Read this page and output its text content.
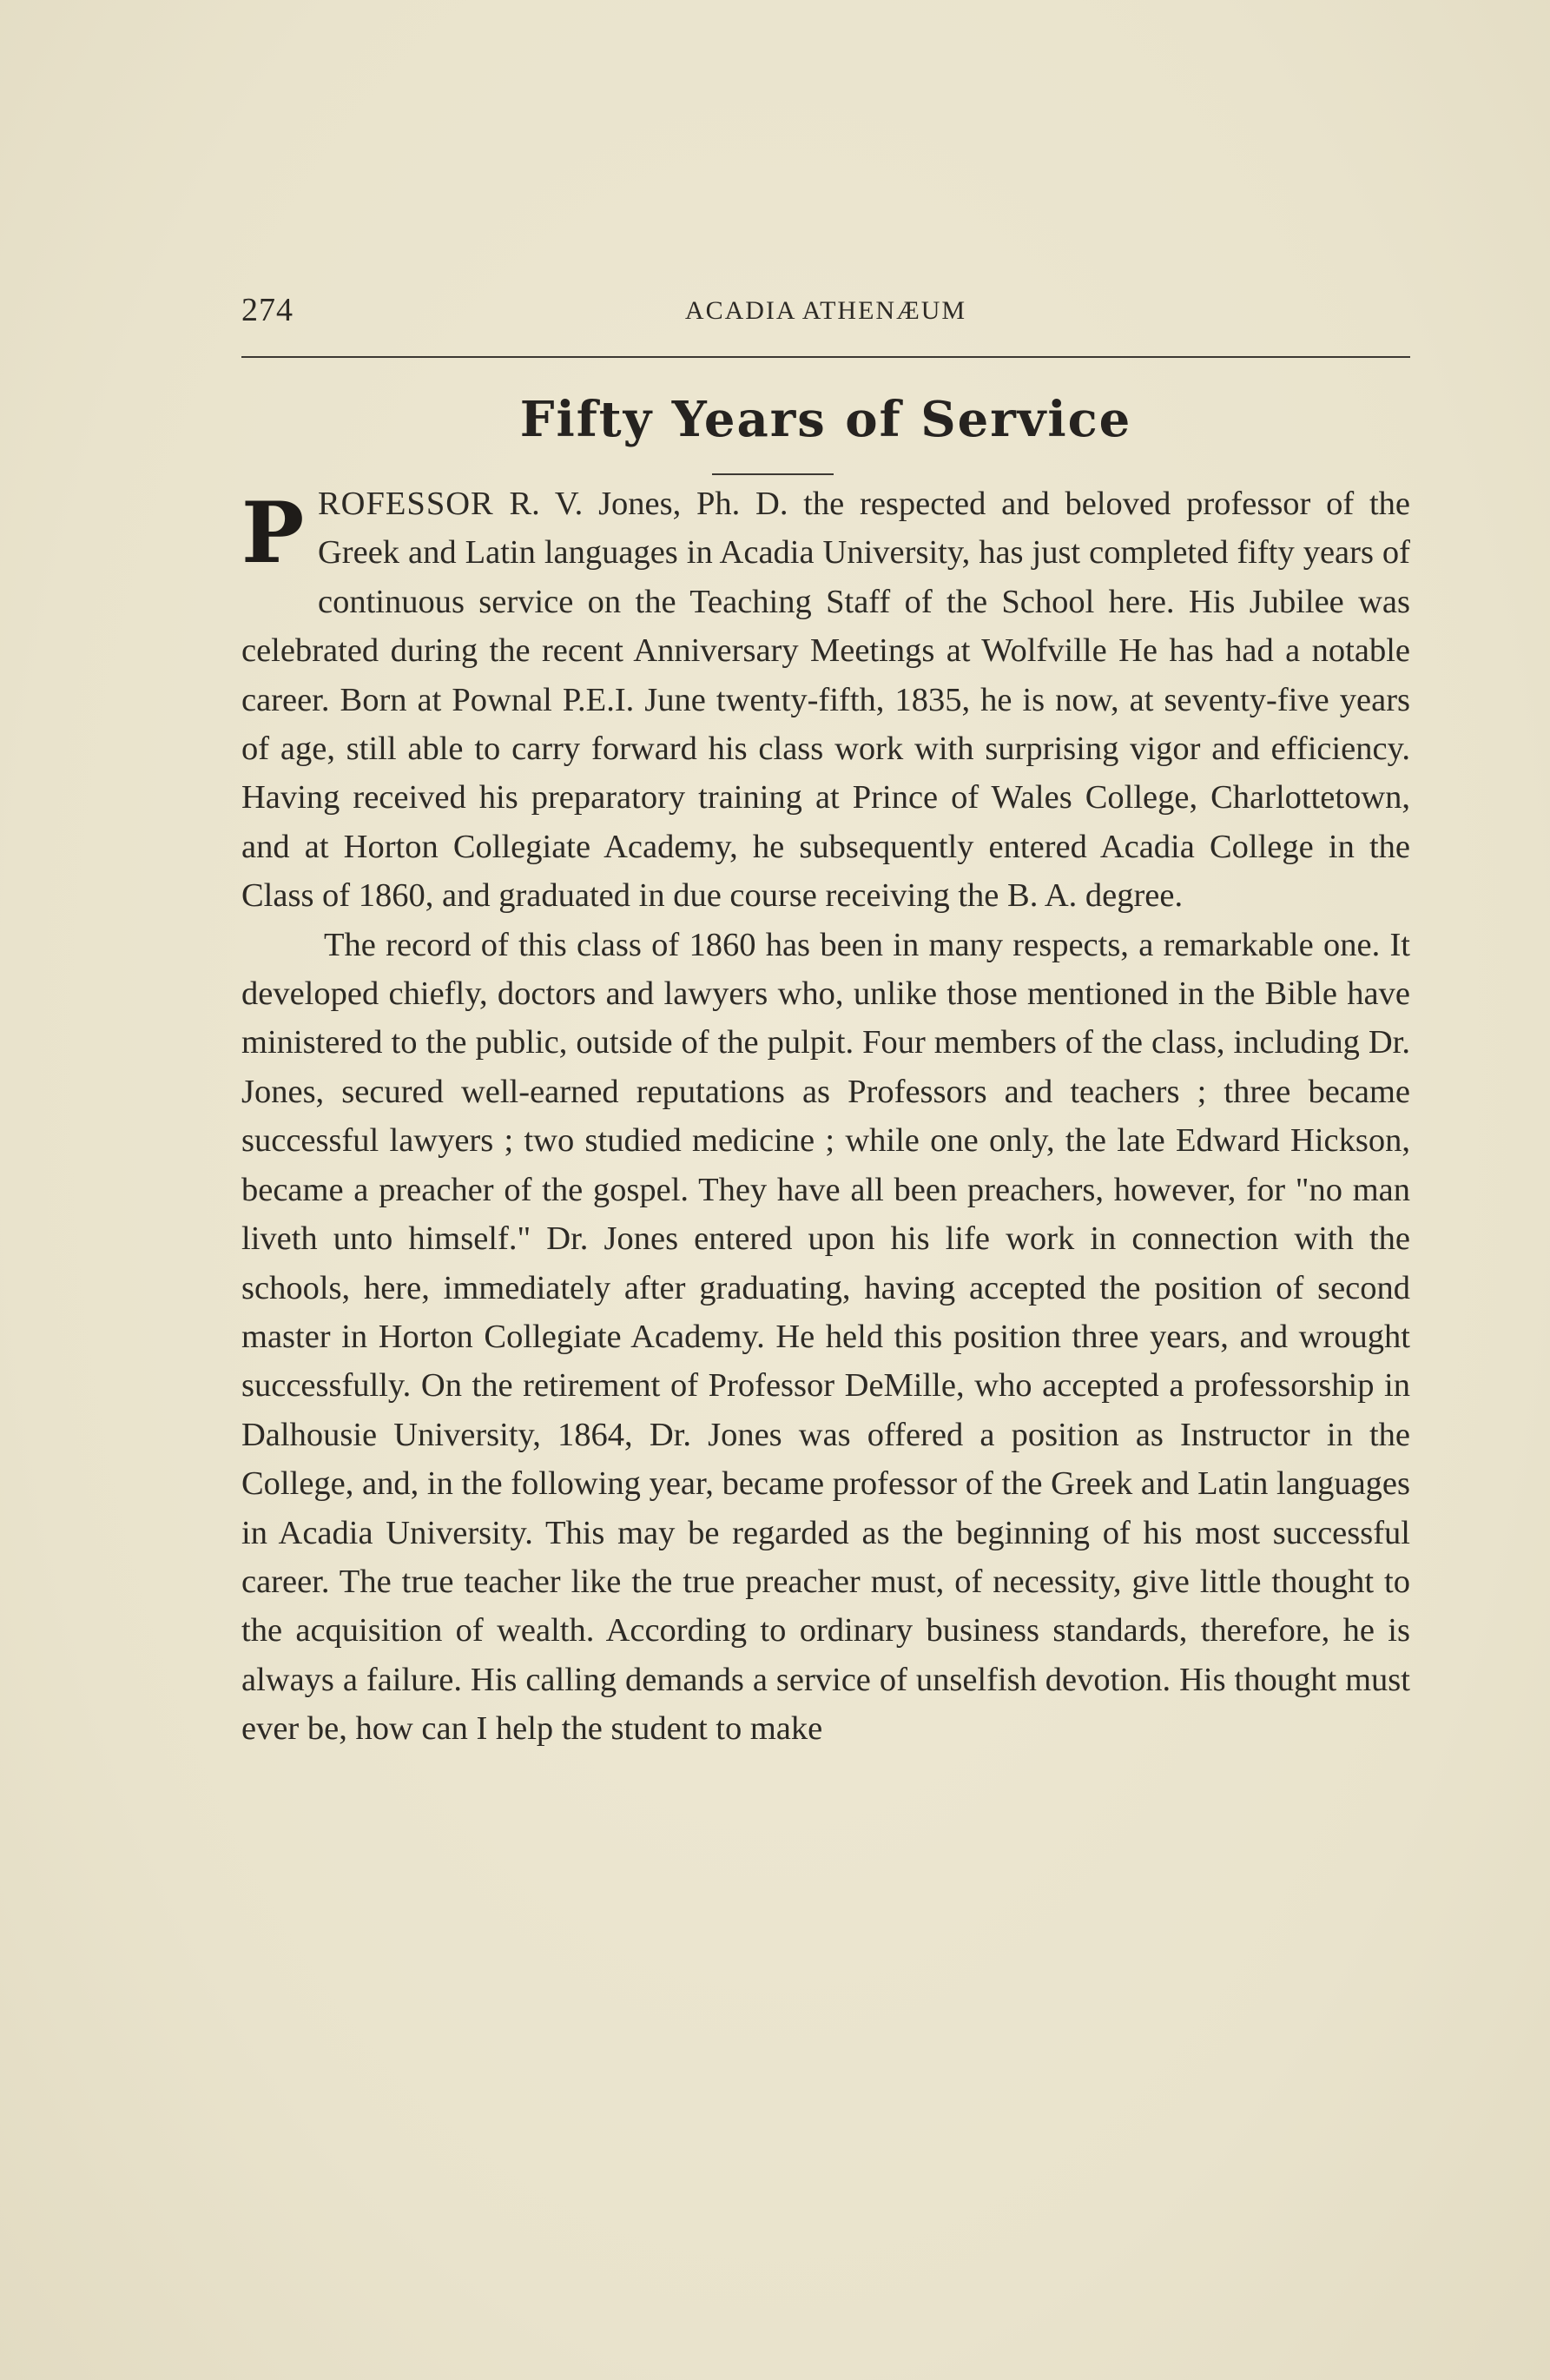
274	ACADIA ATHENÆUM
Fifty Years of Service

PROFESSOR R. V. Jones, Ph. D. the respected and beloved professor of the Greek and Latin languages in Acadia University, has just completed fifty years of continuous service on the Teaching Staff of the School here. His Jubilee was celebrated during the recent Anniversary Meetings at Wolfville He has had a notable career. Born at Pownal P.E.I. June twenty-fifth, 1835, he is now, at seventy-five years of age, still able to carry forward his class work with surprising vigor and efficiency. Having received his preparatory training at Prince of Wales College, Charlottetown, and at Horton Collegiate Academy, he subsequently entered Acadia College in the Class of 1860, and graduated in due course receiving the B. A. degree.

The record of this class of 1860 has been in many respects, a remarkable one. It developed chiefly, doctors and lawyers who, unlike those mentioned in the Bible have ministered to the public, outside of the pulpit. Four members of the class, including Dr. Jones, secured well-earned reputations as Professors and teachers ; three became successful lawyers ; two studied medicine ; while one only, the late Edward Hickson, became a preacher of the gospel. They have all been preachers, however, for "no man liveth unto himself." Dr. Jones entered upon his life work in connection with the schools, here, immediately after graduating, having accepted the position of second master in Horton Collegiate Academy. He held this position three years, and wrought successfully. On the retirement of Professor DeMille, who accepted a professorship in Dalhousie University, 1864, Dr. Jones was offered a position as Instructor in the College, and, in the following year, became professor of the Greek and Latin languages in Acadia University. This may be regarded as the beginning of his most successful career. The true teacher like the true preacher must, of necessity, give little thought to the acquisition of wealth. According to ordinary business standards, therefore, he is always a failure. His calling demands a service of unselfish devotion. His thought must ever be, how can I help the student to make
